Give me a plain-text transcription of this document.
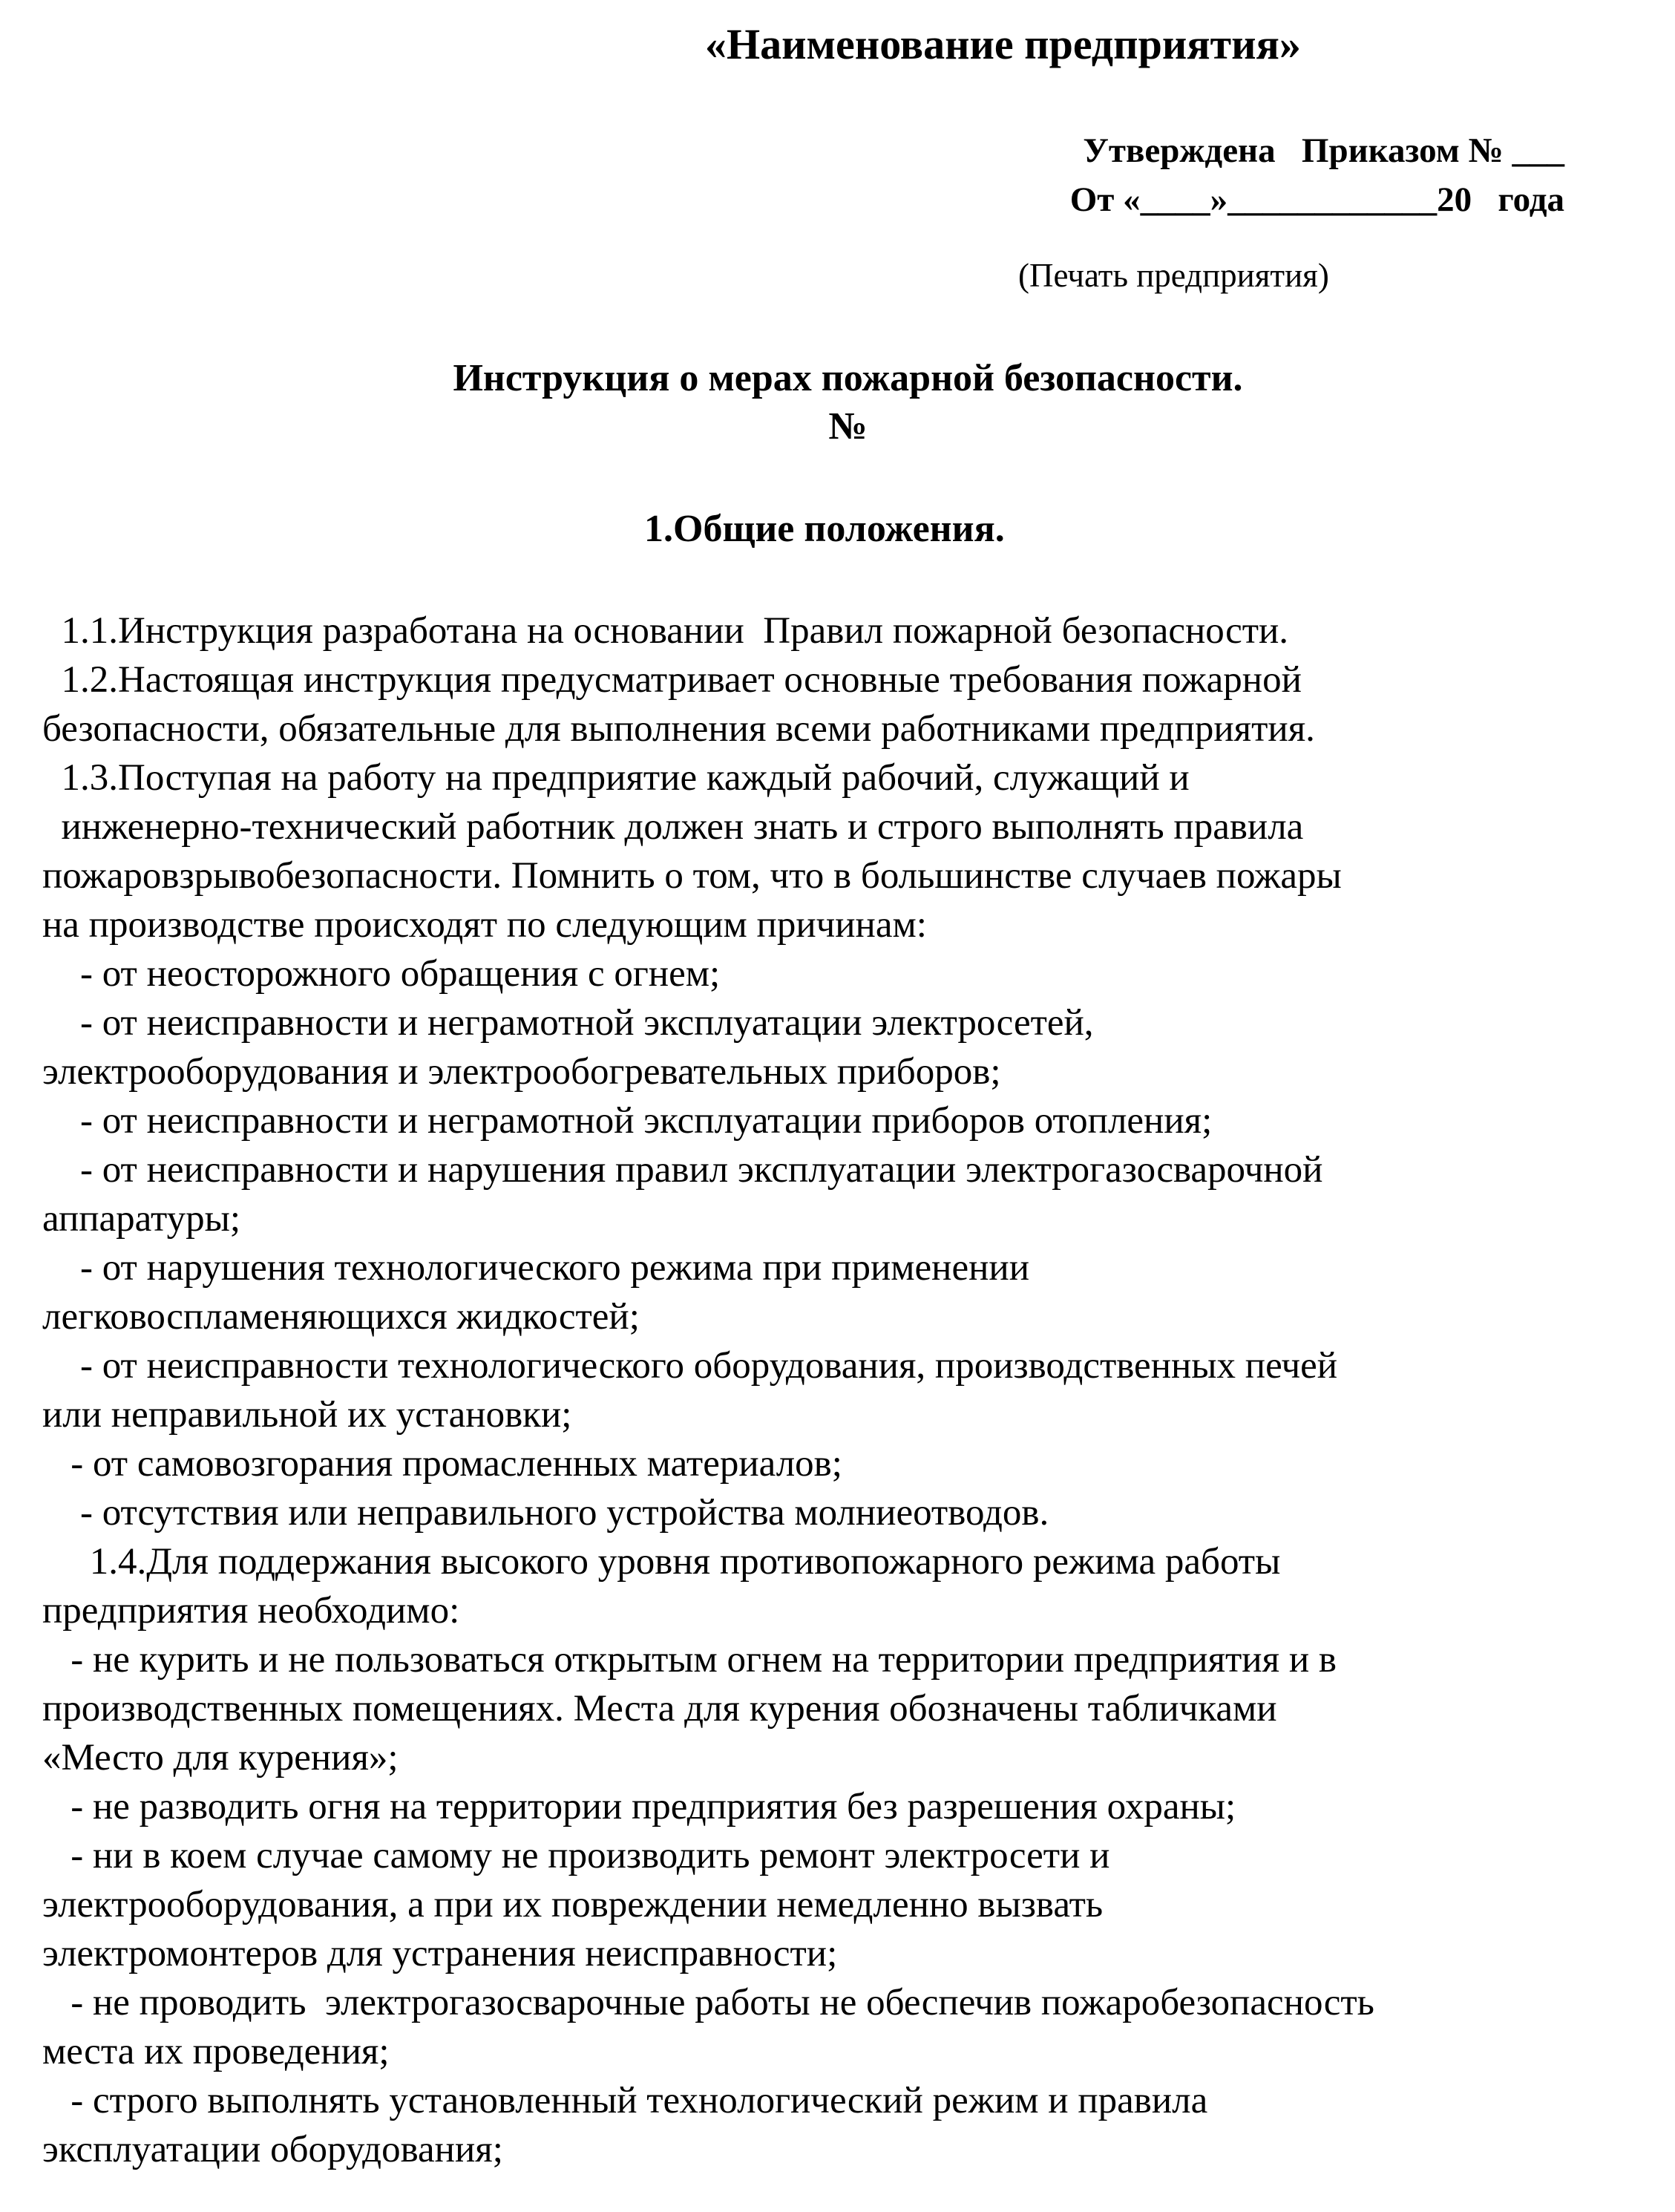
«Наименование предприятия»
Утверждена   Приказом № ___
От «____»____________20   года
(Печать предприятия)
Инструкция о мерах пожарной безопасности.
№
1.Общие положения.
1.1.Инструкция разработана на основании  Правил пожарной безопасности.
1.2.Настоящая инструкция предусматривает основные требования пожарной
безопасности, обязательные для выполнения всеми работниками предприятия.
1.3.Поступая на работу на предприятие каждый рабочий, служащий и
инженерно-технический работник должен знать и строго выполнять правила
пожаровзрывобезопасности. Помнить о том, что в большинстве случаев пожары
на производстве происходят по следующим причинам:
- от неосторожного обращения с огнем;
- от неисправности и неграмотной эксплуатации электросетей,
электрооборудования и электрообогревательных приборов;
- от неисправности и неграмотной эксплуатации приборов отопления;
- от неисправности и нарушения правил эксплуатации электрогазосварочной
аппаратуры;
- от нарушения технологического режима при применении
легковоспламеняющихся жидкостей;
- от неисправности технологического оборудования, производственных печей
или неправильной их установки;
- от самовозгорания промасленных материалов;
- отсутствия или неправильного устройства молниеотводов.
1.4.Для поддержания высокого уровня противопожарного режима работы
предприятия необходимо:
- не курить и не пользоваться открытым огнем на территории предприятия и в
производственных помещениях. Места для курения обозначены табличками
«Место для курения»;
- не разводить огня на территории предприятия без разрешения охраны;
- ни в коем случае самому не производить ремонт электросети и
электрооборудования, а при их повреждении немедленно вызвать
электромонтеров для устранения неисправности;
- не проводить  электрогазосварочные работы не обеспечив пожаробезопасность
места их проведения;
- строго выполнять установленный технологический режим и правила
эксплуатации оборудования;
